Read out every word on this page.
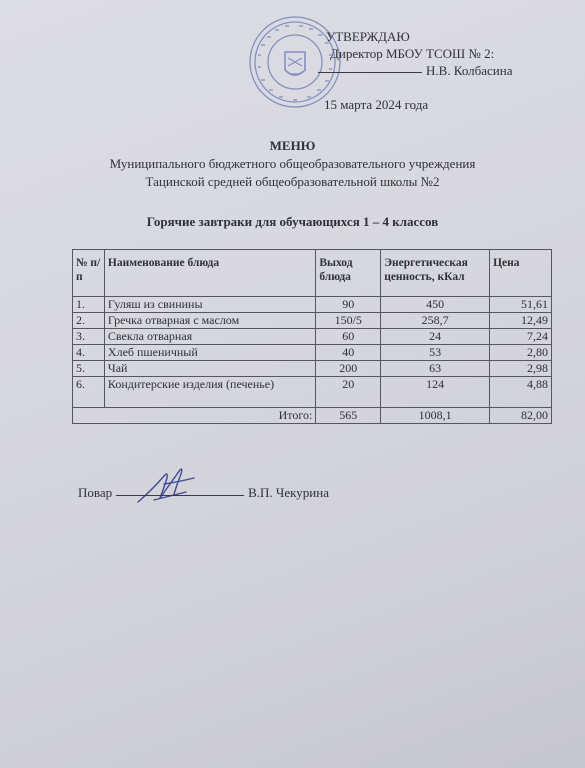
УТВЕРЖДАЮ
Директор МБОУ ТСОШ № 2:
Н.В. Колбасина
15 марта 2024 года
МЕНЮ
Муниципального бюджетного общеобразовательного учреждения
Тацинской средней общеобразовательной школы №2
Горячие завтраки для обучающихся 1 – 4 классов
№ п/п	Наименование блюда	Выход блюда	Энергетическая ценность, кКал	Цена
1.	Гуляш из свинины	90	450	51,61
2.	Гречка отварная с маслом	150/5	258,7	12,49
3.	Свекла отварная	60	24	7,24
4.	Хлеб пшеничный	40	53	2,80
5.	Чай	200	63	2,98
6.	Кондитерские изделия (печенье)	20	124	4,88
Итого:		565	1008,1	82,00
Повар	В.П. Чекурина
